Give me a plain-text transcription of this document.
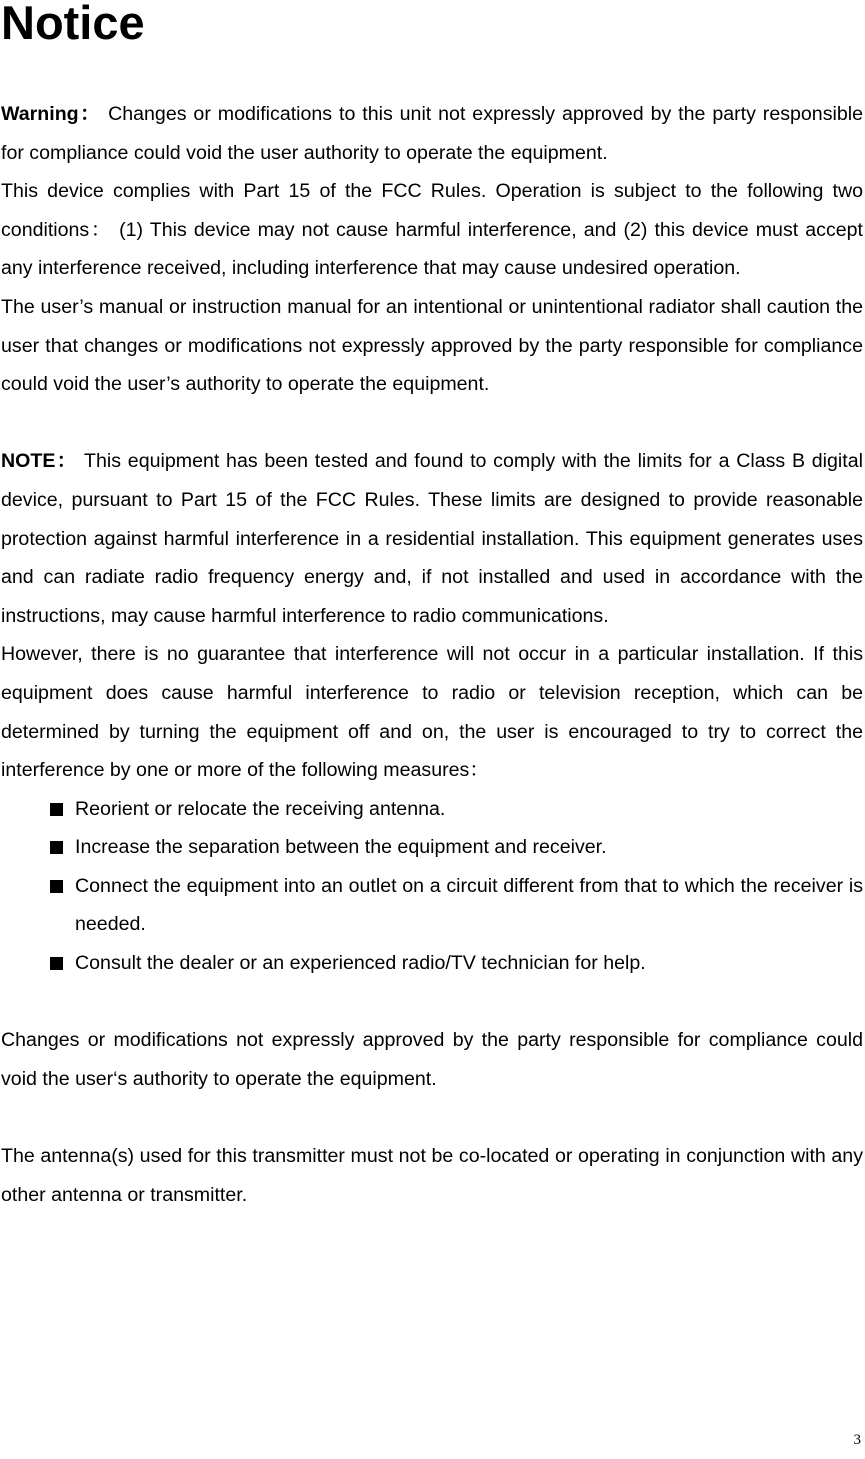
Notice

Warning： Changes or modifications to this unit not expressly approved by the party responsible for compliance could void the user authority to operate the equipment.

This device complies with Part 15 of the FCC Rules. Operation is subject to the following two conditions： (1) This device may not cause harmful interference, and (2) this device must accept any interference received, including interference that may cause undesired operation.

The user’s manual or instruction manual for an intentional or unintentional radiator shall caution the user that changes or modifications not expressly approved by the party responsible for compliance could void the user’s authority to operate the equipment.

NOTE： This equipment has been tested and found to comply with the limits for a Class B digital device, pursuant to Part 15 of the FCC Rules. These limits are designed to provide reasonable protection against harmful interference in a residential installation. This equipment generates uses and can radiate radio frequency energy and, if not installed and used in accordance with the instructions, may cause harmful interference to radio communications.

However, there is no guarantee that interference will not occur in a particular installation. If this equipment does cause harmful interference to radio or television reception, which can be determined by turning the equipment off and on, the user is encouraged to try to correct the interference by one or more of the following measures：

Reorient or relocate the receiving antenna.
Increase the separation between the equipment and receiver.
Connect the equipment into an outlet on a circuit different from that to which the receiver is needed.
Consult the dealer or an experienced radio/TV technician for help.

Changes or modifications not expressly approved by the party responsible for compliance could void the user‘s authority to operate the equipment.

The antenna(s) used for this transmitter must not be co-located or operating in conjunction with any other antenna or transmitter.

3
